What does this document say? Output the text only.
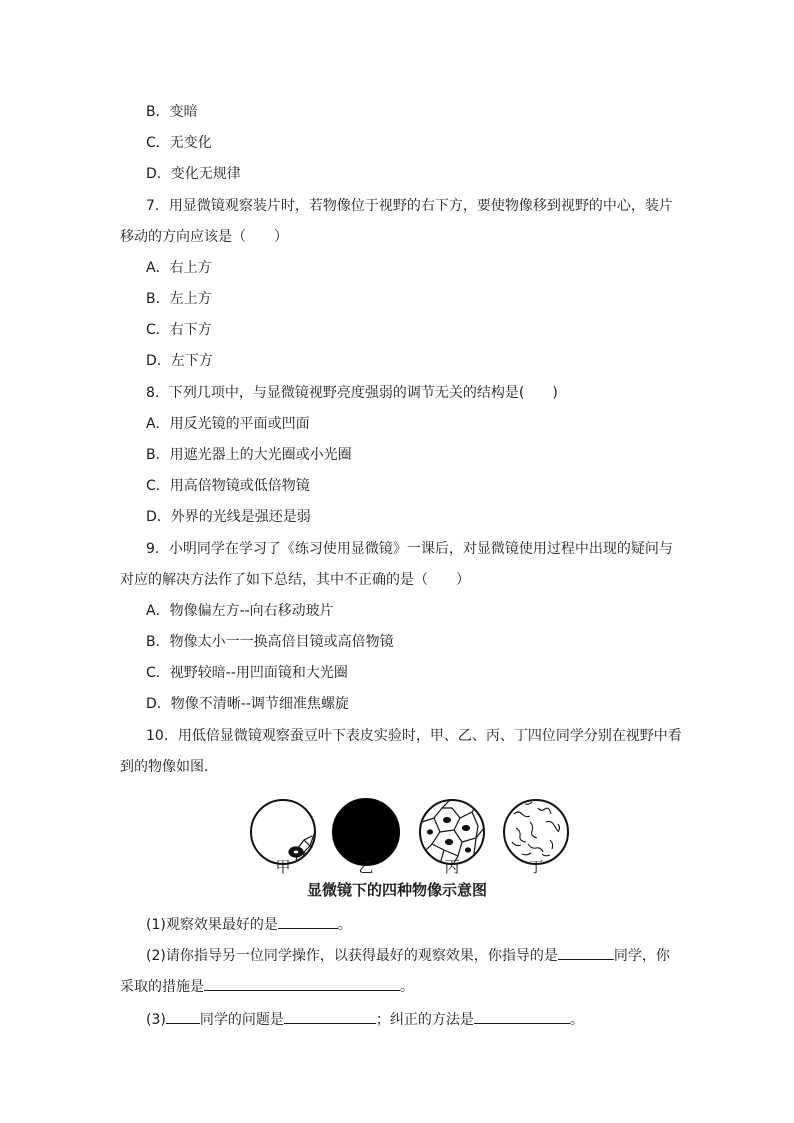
B．变暗
C．无变化
D．变化无规律
7．用显微镜观察装片时，若物像位于视野的右下方，要使物像移到视野的中心，装片
移动的方向应该是（　　）
A．右上方
B．左上方
C．右下方
D．左下方
8．下列几项中，与显微镜视野亮度强弱的调节无关的结构是(　　)
A．用反光镜的平面或凹面
B．用遮光器上的大光圈或小光圈
C．用高倍物镜或低倍物镜
D．外界的光线是强还是弱
9．小明同学在学习了《练习使用显微镜》一课后，对显微镜使用过程中出现的疑问与
对应的解决方法作了如下总结，其中不正确的是（　　）
A．物像偏左方--向右移动玻片
B．物像太小一一换高倍目镜或高倍物镜
C．视野较暗--用凹面镜和大光圈
D．物像不清晰--调节细准焦螺旋
10．用低倍显微镜观察蚕豆叶下表皮实验时，甲、乙、丙、丁四位同学分别在视野中看
到的物像如图．
甲	乙	丙	丁
显微镜下的四种物像示意图
(1)观察效果最好的是	。
(2)请你指导另一位同学操作，以获得最好的观察效果，你指导的是	同学，你
采取的措施是	。
(3) 同学的问题是	；纠正的方法是	。
